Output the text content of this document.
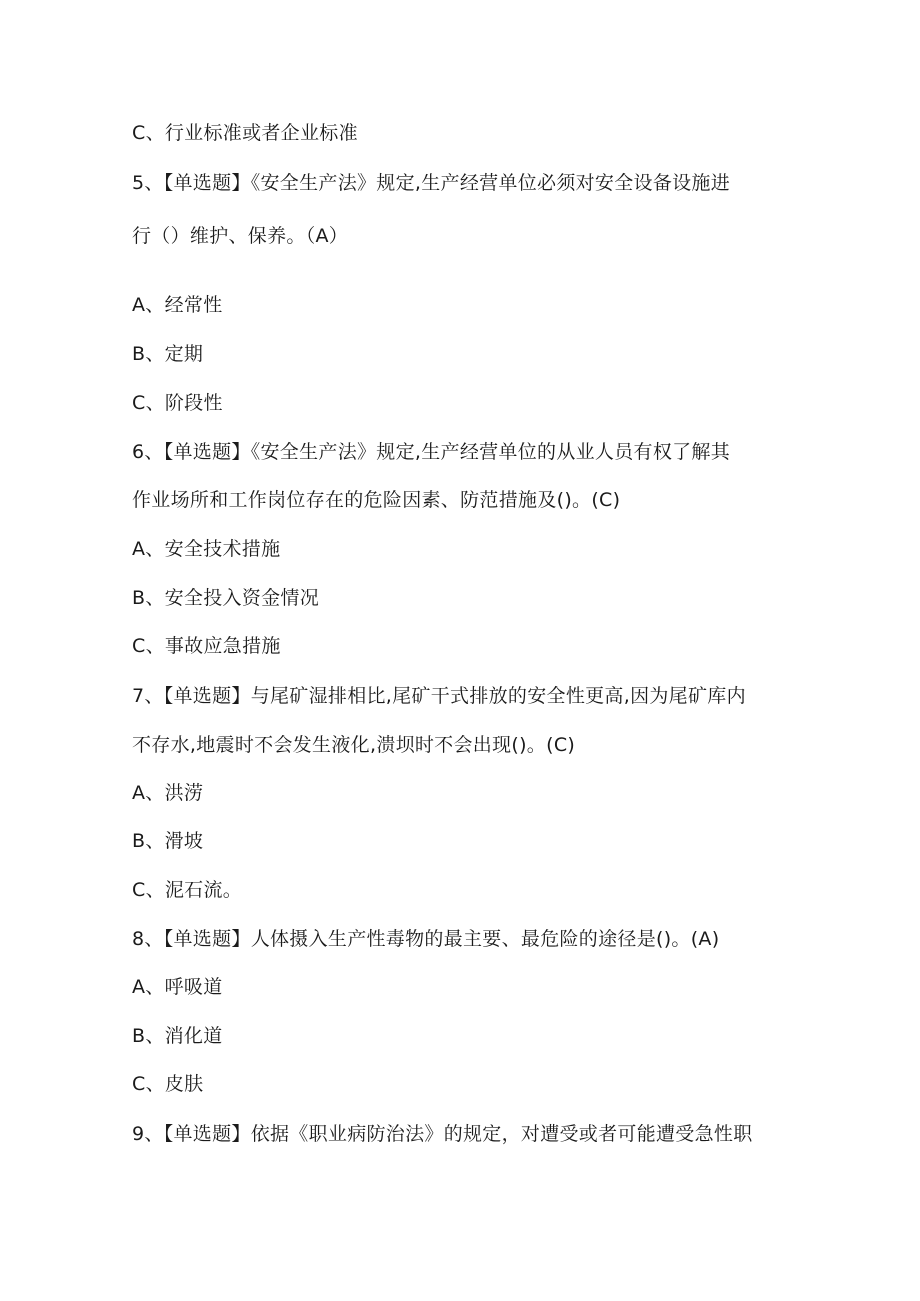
C、行业标准或者企业标准
5、【单选题】《安全生产法》规定,生产经营单位必须对安全设备设施进
行（）维护、保养。（A）
A、经常性
B、定期
C、阶段性
6、【单选题】《安全生产法》规定,生产经营单位的从业人员有权了解其
作业场所和工作岗位存在的危险因素、防范措施及()。(C)
A、安全技术措施
B、安全投入资金情况
C、事故应急措施
7、【单选题】与尾矿湿排相比,尾矿干式排放的安全性更高,因为尾矿库内
不存水,地震时不会发生液化,溃坝时不会出现()。(C)
A、洪涝
B、滑坡
C、泥石流。
8、【单选题】人体摄入生产性毒物的最主要、最危险的途径是()。(A)
A、呼吸道
B、消化道
C、皮肤
9、【单选题】依据《职业病防治法》的规定，对遭受或者可能遭受急性职
